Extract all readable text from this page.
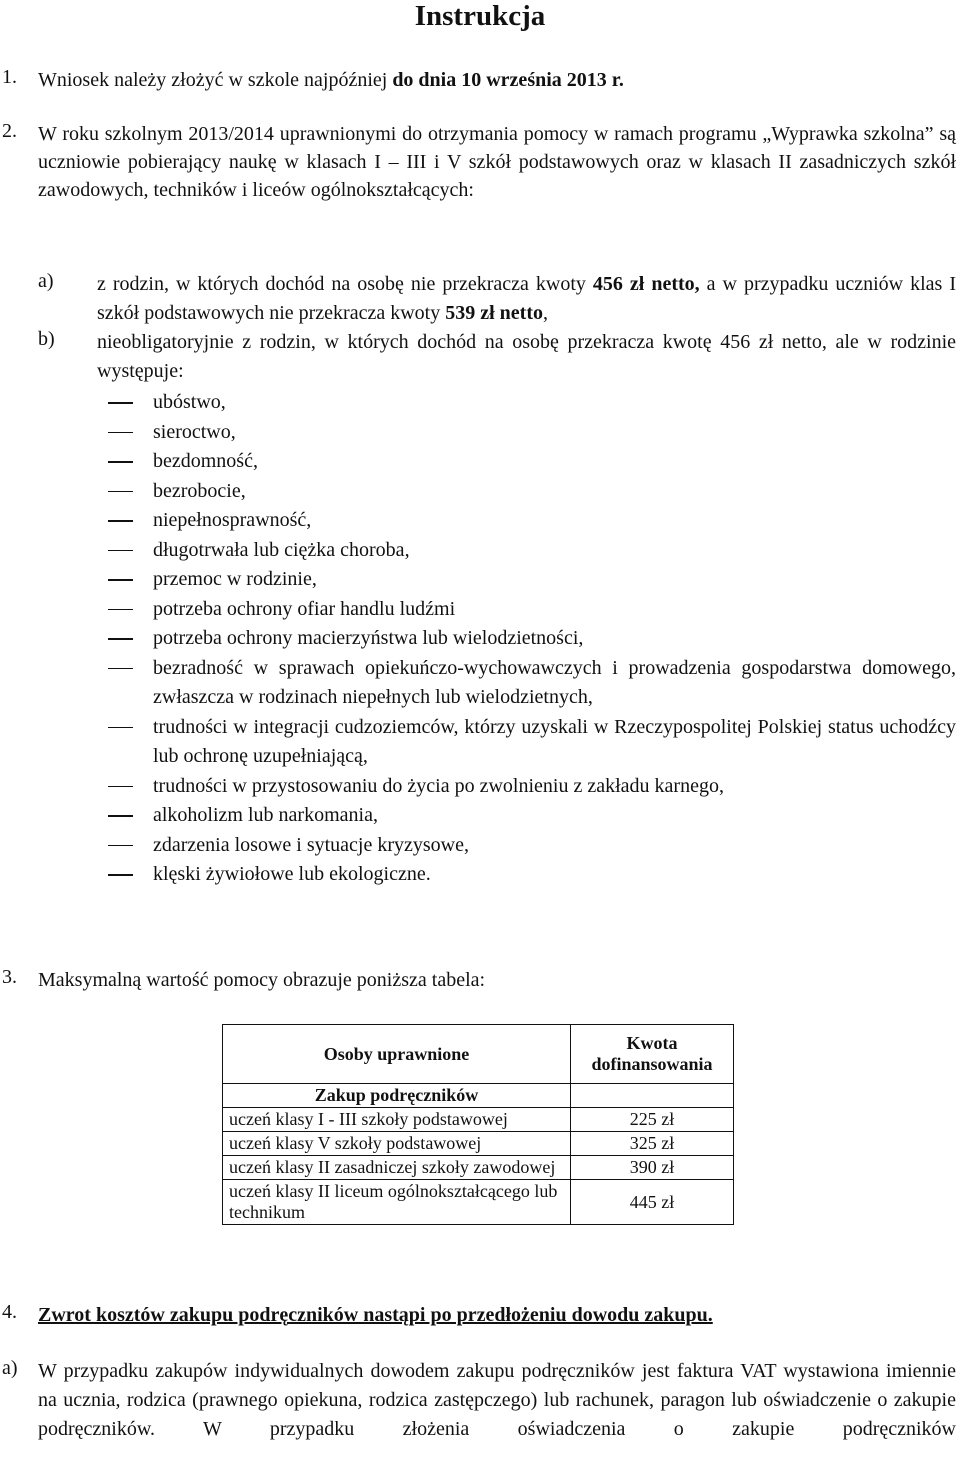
Instrukcja
1. Wniosek należy złożyć w szkole najpóźniej do dnia 10 września 2013 r.
2. W roku szkolnym 2013/2014 uprawnionymi do otrzymania pomocy w ramach programu „Wyprawka szkolna” są uczniowie pobierający naukę w klasach I – III i V szkół podstawowych oraz w klasach II zasadniczych szkół zawodowych, techników i liceów ogólnokształcących:
a) z rodzin, w których dochód na osobę nie przekracza kwoty 456 zł netto, a w przypadku uczniów klas I szkół podstawowych nie przekracza kwoty 539 zł netto,
b) nieobligatoryjnie z rodzin, w których dochód na osobę przekracza kwotę 456 zł netto, ale w rodzinie występuje:
ubóstwo,
sieroctwo,
bezdomność,
bezrobocie,
niepełnosprawność,
długotrwała lub ciężka choroba,
przemoc w rodzinie,
potrzeba ochrony ofiar handlu ludźmi
potrzeba ochrony macierzyństwa lub wielodzietności,
bezradność w sprawach opiekuńczo-wychowawczych i prowadzenia gospodarstwa domowego, zwłaszcza w rodzinach niepełnych lub wielodzietnych,
trudności w integracji cudzoziemców, którzy uzyskali w Rzeczypospolitej Polskiej status uchodźcy lub ochronę uzupełniającą,
trudności w przystosowaniu do życia po zwolnieniu z zakładu karnego,
alkoholizm lub narkomania,
zdarzenia losowe i sytuacje kryzysowe,
klęski żywiołowe lub ekologiczne.
3. Maksymalną wartość pomocy obrazuje poniższa tabela:
Osoby uprawnione	Kwota dofinansowania
Zakup podręczników	
uczeń klasy I - III szkoły podstawowej	225 zł
uczeń klasy V szkoły podstawowej	325 zł
uczeń klasy II zasadniczej szkoły zawodowej	390 zł
uczeń klasy II liceum ogólnokształcącego lub technikum	445 zł
4. Zwrot kosztów zakupu podręczników nastąpi po przedłożeniu dowodu zakupu.
a) W przypadku zakupów indywidualnych dowodem zakupu podręczników jest faktura VAT wystawiona imiennie na ucznia, rodzica (prawnego opiekuna, rodzica zastępczego) lub rachunek, paragon lub oświadczenie o zakupie podręczników. W przypadku złożenia oświadczenia o zakupie podręczników
